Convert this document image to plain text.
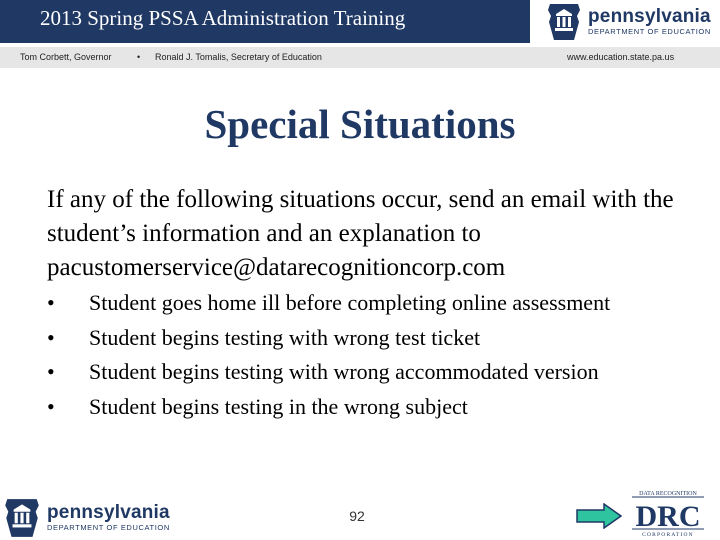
2013 Spring PSSA Administration Training	pennsylvania
DEPARTMENT OF EDUCATION
Tom Corbett, Governor	• Ronald J. Tomalis, Secretary of Education	www.education.state.pa.us
Special Situations

If any of the following situations occur, send an email with the student’s information and an explanation to pacustomerservice@datarecognitioncorp.com

• Student goes home ill before completing online assessment
• Student begins testing with wrong test ticket
• Student begins testing with wrong accommodated version
• Student begins testing in the wrong subject
pennsylvania
DEPARTMENT OF EDUCATION
92
DATA RECOGNITION
DRC
CORPORATION
